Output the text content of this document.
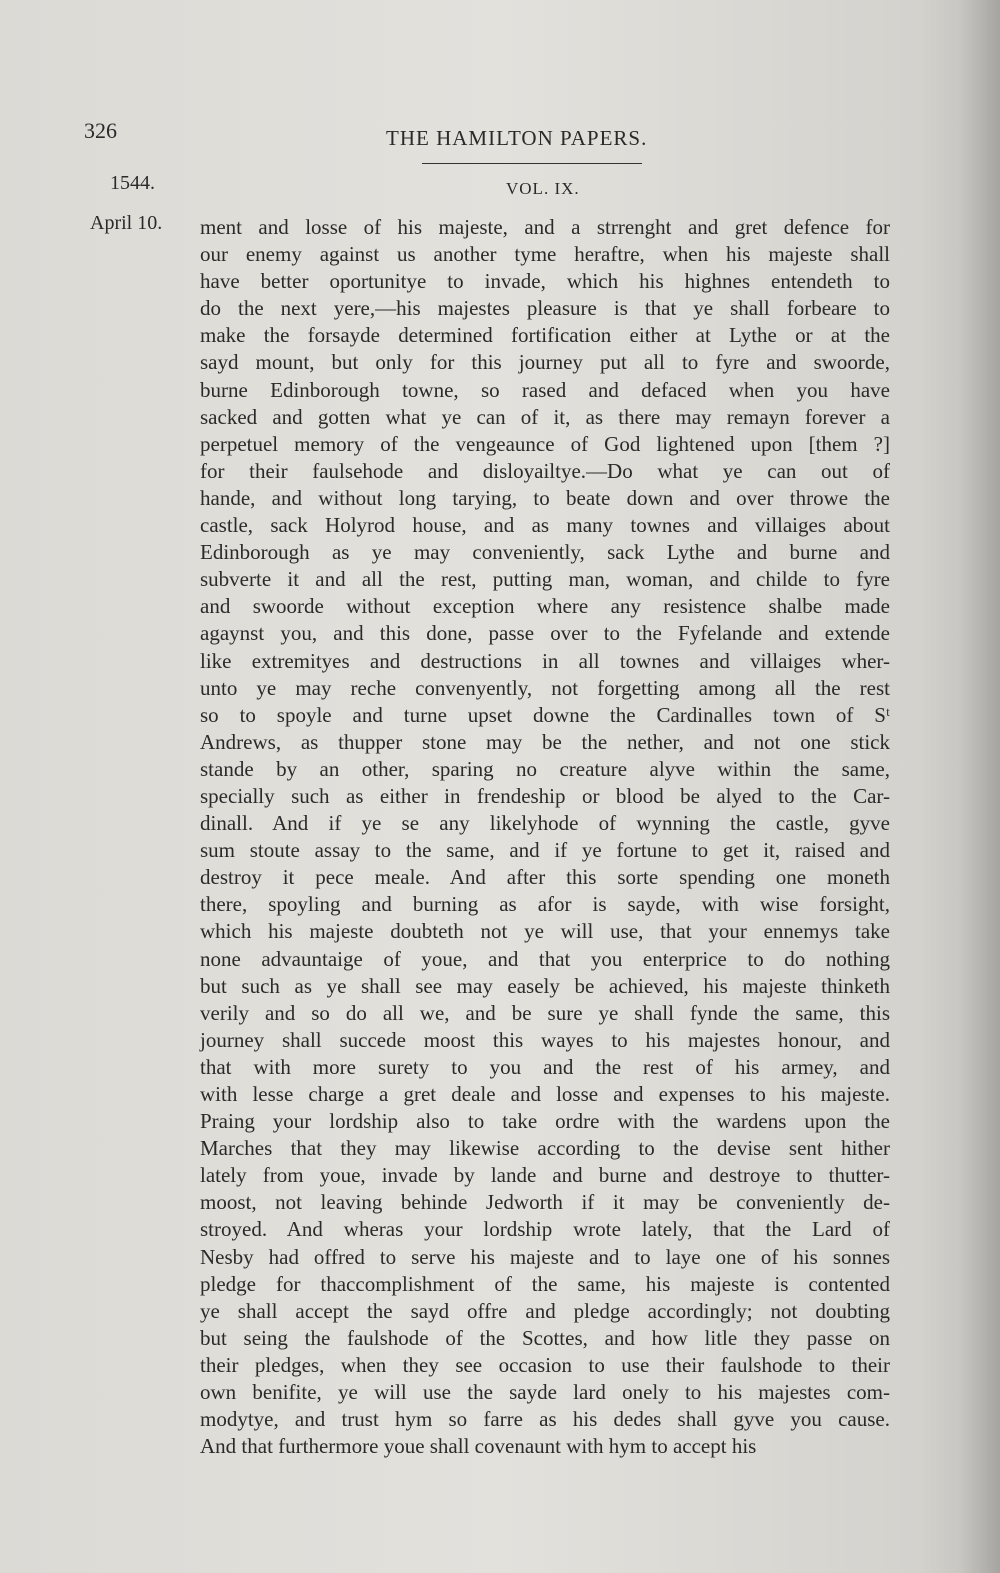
326	THE HAMILTON PAPERS.
1544.	VOL. IX.
April 10. ment and losse of his majeste, and a strrenght and gret defence for
our enemy against us another tyme heraftre, when his majeste shall
have better oportunitye to invade, which his highnes entendeth to
do the next yere,—his majestes pleasure is that ye shall forbeare to
make the forsayde determined fortification either at Lythe or at the
sayd mount, but only for this journey put all to fyre and swoorde,
burne Edinborough towne, so rased and defaced when you have
sacked and gotten what ye can of it, as there may remayn forever a
perpetuel memory of the vengeaunce of God lightened upon [them ?]
for their faulsehode and disloyailtye.—Do what ye can out of
hande, and without long tarying, to beate down and over throwe the
castle, sack Holyrod house, and as many townes and villaiges about
Edinborough as ye may conveniently, sack Lythe and burne and
subverte it and all the rest, putting man, woman, and childe to fyre
and swoorde without exception where any resistence shalbe made
agaynst you, and this done, passe over to the Fyfelande and extende
like extremityes and destructions in all townes and villaiges wher-
unto ye may reche convenyently, not forgetting among all the rest
so to spoyle and turne upset downe the Cardinalles town of Sᵗ
Andrews, as thupper stone may be the nether, and not one stick
stande by an other, sparing no creature alyve within the same,
specially such as either in frendeship or blood be alyed to the Car-
dinall. And if ye se any likelyhode of wynning the castle, gyve
sum stoute assay to the same, and if ye fortune to get it, raised and
destroy it pece meale. And after this sorte spending one moneth
there, spoyling and burning as afor is sayde, with wise forsight,
which his majeste doubteth not ye will use, that your ennemys take
none advauntaige of youe, and that you enterprice to do nothing
but such as ye shall see may easely be achieved, his majeste thinketh
verily and so do all we, and be sure ye shall fynde the same, this
journey shall succede moost this wayes to his majestes honour, and
that with more surety to you and the rest of his armey, and
with lesse charge a gret deale and losse and expenses to his majeste.
Praing your lordship also to take ordre with the wardens upon the
Marches that they may likewise according to the devise sent hither
lately from youe, invade by lande and burne and destroye to thutter-
moost, not leaving behinde Jedworth if it may be conveniently de-
stroyed. And wheras your lordship wrote lately, that the Lard of
Nesby had offred to serve his majeste and to laye one of his sonnes
pledge for thaccomplishment of the same, his majeste is contented
ye shall accept the sayd offre and pledge accordingly; not doubting
but seing the faulshode of the Scottes, and how litle they passe on
their pledges, when they see occasion to use their faulshode to their
own benifite, ye will use the sayde lard onely to his majestes com-
modytye, and trust hym so farre as his dedes shall gyve you cause.
And that furthermore youe shall covenaunt with hym to accept his
